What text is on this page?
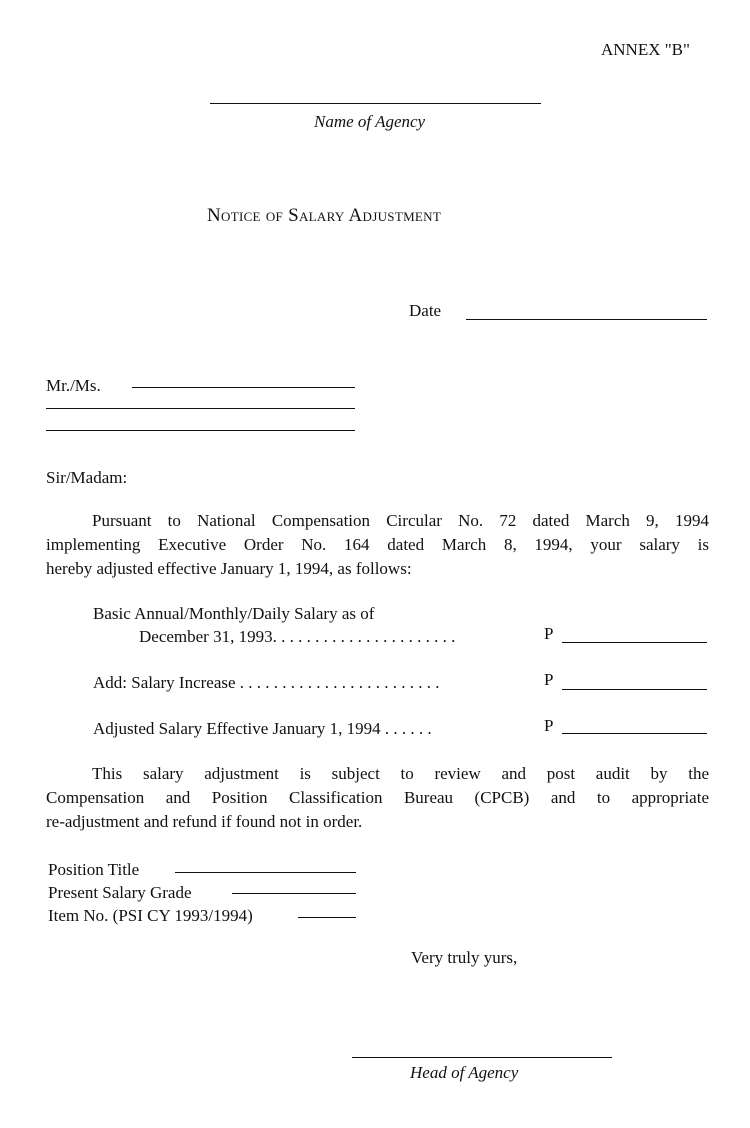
ANNEX "B"
Name of Agency
Notice of Salary Adjustment
Date
Mr./Ms.
Sir/Madam:
Pursuant to National Compensation Circular No. 72 dated March 9, 1994
implementing Executive Order No. 164 dated March 8, 1994, your salary is
hereby adjusted effective January 1, 1994, as follows:
Basic Annual/Monthly/Daily Salary as of
December 31, 1993. . . . . . . . . . . . . . . . . . . . . .	P
Add: Salary Increase . . . . . . . . . . . . . . . . . . . . . . . .	P
Adjusted Salary Effective January 1, 1994 . . . . . .	P
This salary adjustment is subject to review and post audit by the
Compensation and Position Classification Bureau (CPCB) and to appropriate
re-adjustment and refund if found not in order.
Position Title
Present Salary Grade
Item No. (PSI CY 1993/1994)
Very truly yurs,
Head of Agency
